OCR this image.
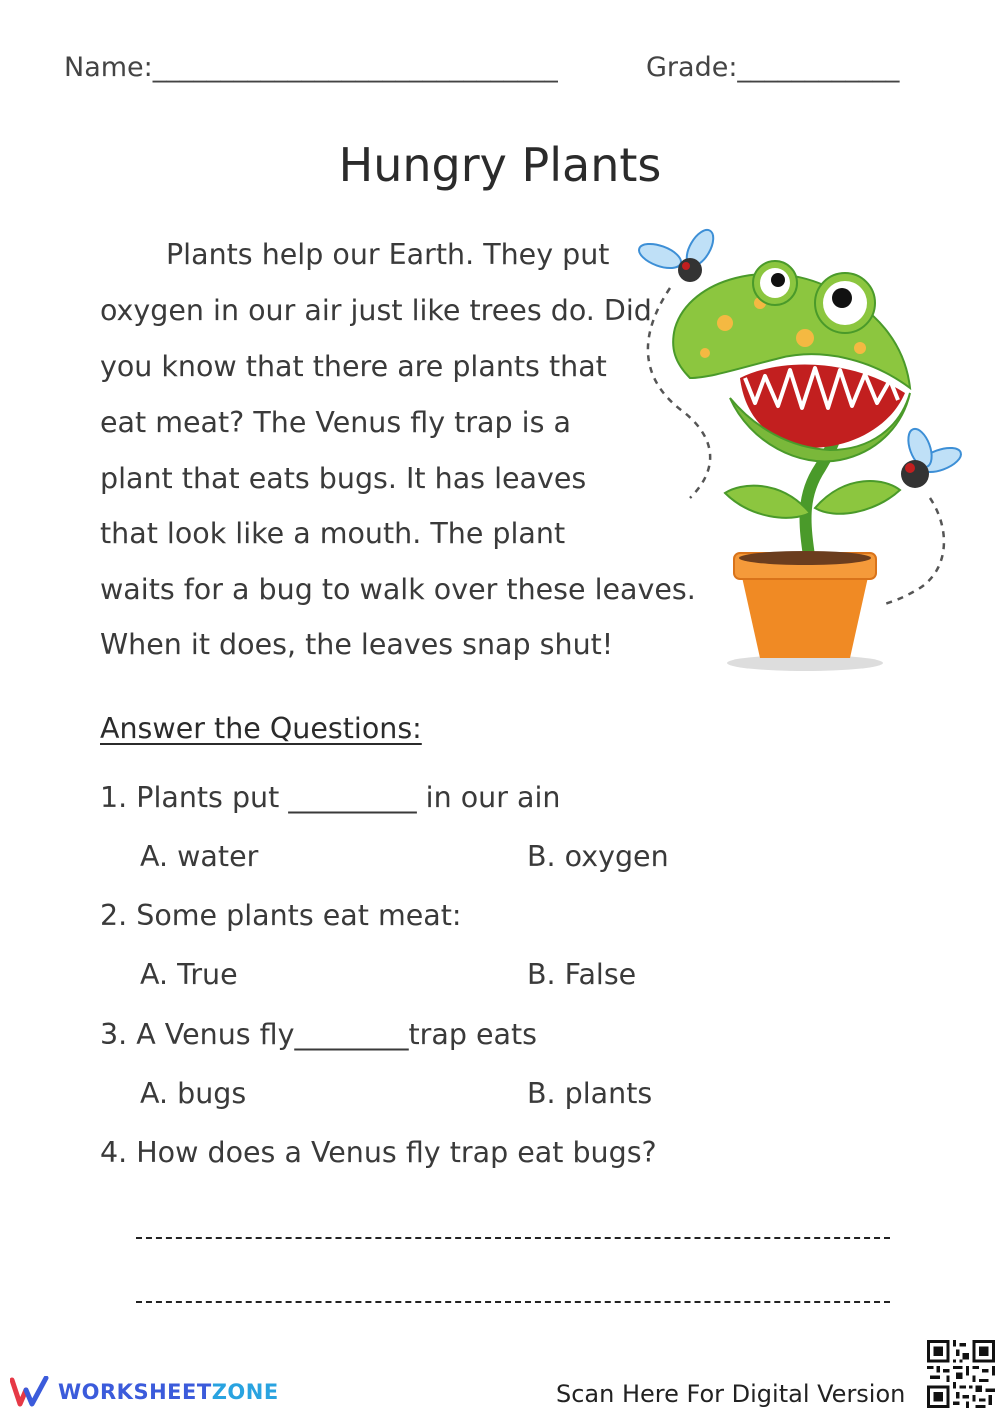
Name:______________________________	Grade:____________
Hungry Plants
Plants help our Earth. They put
oxygen in our air just like trees do. Did
you know that there are plants that
eat meat? The Venus fly trap is a
plant that eats bugs. It has leaves
that look like a mouth. The plant
waits for a bug to walk over these leaves.
When it does, the leaves snap shut!
Answer the Questions:
1. Plants put _________ in our ain
A. water	B. oxygen
2. Some plants eat meat:
A. True	B. False
3. A Venus fly________trap eats
A. bugs	B. plants
4. How does a Venus fly trap eat bugs?
WORKSHEETZONE	Scan Here For Digital Version
